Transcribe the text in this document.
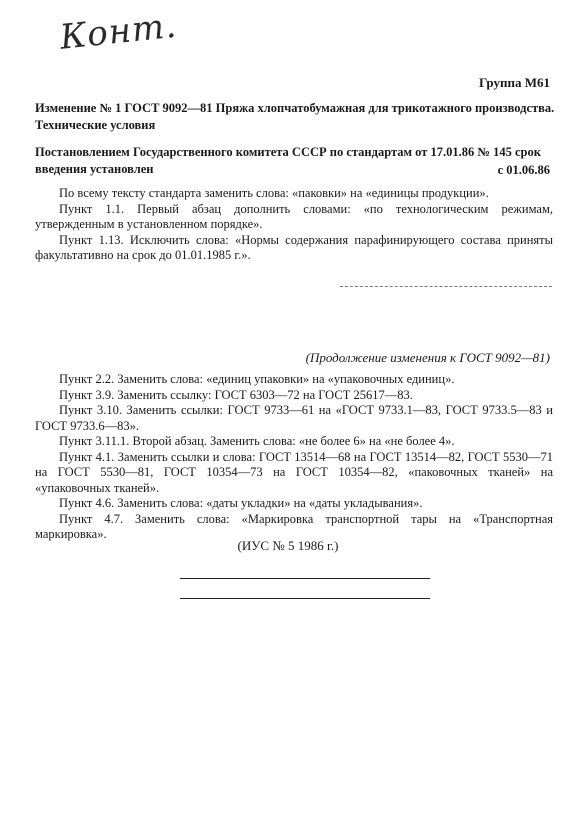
Конт.
Группа М61

Изменение № 1 ГОСТ 9092—81 Пряжа хлопчатобумажная для трикотажного производства. Технические условия

Постановлением Государственного комитета СССР по стандартам от 17.01.86 № 145 срок введения установлен	с 01.06.86

По всему тексту стандарта заменить слова: «паковки» на «единицы продукции».

Пункт 1.1. Первый абзац дополнить словами: «по технологическим режимам, утвержденным в установленном порядке».

Пункт 1.13. Исключить слова: «Нормы содержания парафинирующего состава приняты факультативно на срок до 01.01.1985 г.».

(Продолжение изменения к ГОСТ 9092—81)

Пункт 2.2. Заменить слова: «единиц упаковки» на «упаковочных единиц».

Пункт 3.9. Заменить ссылку: ГОСТ 6303—72 на ГОСТ 25617—83.

Пункт 3.10. Заменить ссылки: ГОСТ 9733—61 на «ГОСТ 9733.1—83, ГОСТ 9733.5—83 и ГОСТ 9733.6—83».

Пункт 3.11.1. Второй абзац. Заменить слова: «не более 6» на «не более 4».

Пункт 4.1. Заменить ссылки и слова: ГОСТ 13514—68 на ГОСТ 13514—82, ГОСТ 5530—71 на ГОСТ 5530—81, ГОСТ 10354—73 на ГОСТ 10354—82, «паковочных тканей» на «упаковочных тканей».

Пункт 4.6. Заменить слова: «даты укладки» на «даты укладывания».

Пункт 4.7. Заменить слова: «Маркировка транспортной тары на «Транспортная маркировка».

(ИУС № 5 1986 г.)
